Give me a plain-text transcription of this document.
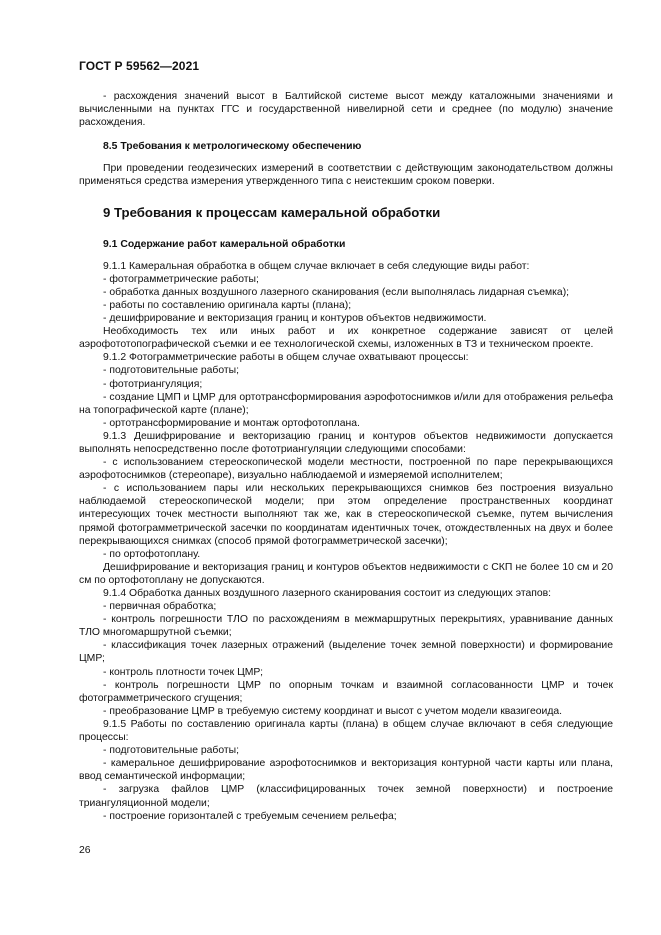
ГОСТ Р 59562—2021

- расхождения значений высот в Балтийской системе высот между каталожными значениями и вычисленными на пунктах ГГС и государственной нивелирной сети и среднее (по модулю) значение расхождения.

8.5 Требования к метрологическому обеспечению

При проведении геодезических измерений в соответствии с действующим законодательством должны применяться средства измерения утвержденного типа с неистекшим сроком поверки.

9 Требования к процессам камеральной обработки
9.1 Содержание работ камеральной обработки

9.1.1 Камеральная обработка в общем случае включает в себя следующие виды работ:

- фотограмметрические работы;

- обработка данных воздушного лазерного сканирования (если выполнялась лидарная съемка);

- работы по составлению оригинала карты (плана);

- дешифрирование и векторизация границ и контуров объектов недвижимости.

Необходимость тех или иных работ и их конкретное содержание зависят от целей аэрофототопографической съемки и ее технологической схемы, изложенных в ТЗ и техническом проекте.

9.1.2 Фотограмметрические работы в общем случае охватывают процессы:

- подготовительные работы;

- фототриангуляция;

- создание ЦМП и ЦМР для ортотрансформирования аэрофотоснимков и/или для отображения рельефа на топографической карте (плане);

- ортотрансформирование и монтаж ортофотоплана.

9.1.3 Дешифрирование и векторизацию границ и контуров объектов недвижимости допускается выполнять непосредственно после фототриангуляции следующими способами:

- с использованием стереоскопической модели местности, построенной по паре перекрывающихся аэрофотоснимков (стереопаре), визуально наблюдаемой и измеряемой исполнителем;

- с использованием пары или нескольких перекрывающихся снимков без построения визуально наблюдаемой стереоскопической модели; при этом определение пространственных координат интересующих точек местности выполняют так же, как в стереоскопической съемке, путем вычисления прямой фотограмметрической засечки по координатам идентичных точек, отождествленных на двух и более перекрывающихся снимках (способ прямой фотограмметрической засечки);

- по ортофотоплану.

Дешифрирование и векторизация границ и контуров объектов недвижимости с СКП не более 10 см и 20 см по ортофотоплану не допускаются.

9.1.4 Обработка данных воздушного лазерного сканирования состоит из следующих этапов:

- первичная обработка;

- контроль погрешности ТЛО по расхождениям в межмаршрутных перекрытиях, уравнивание данных ТЛО многомаршрутной съемки;

- классификация точек лазерных отражений (выделение точек земной поверхности) и формирование ЦМР;

- контроль плотности точек ЦМР;

- контроль погрешности ЦМР по опорным точкам и взаимной согласованности ЦМР и точек фотограмметрического сгущения;

- преобразование ЦМР в требуемую систему координат и высот с учетом модели квазигеоида.

9.1.5 Работы по составлению оригинала карты (плана) в общем случае включают в себя следующие процессы:

- подготовительные работы;

- камеральное дешифрирование аэрофотоснимков и векторизация контурной части карты или плана, ввод семантической информации;

- загрузка файлов ЦМР (классифицированных точек земной поверхности) и построение триангуляционной модели;

- построение горизонталей с требуемым сечением рельефа;

26
